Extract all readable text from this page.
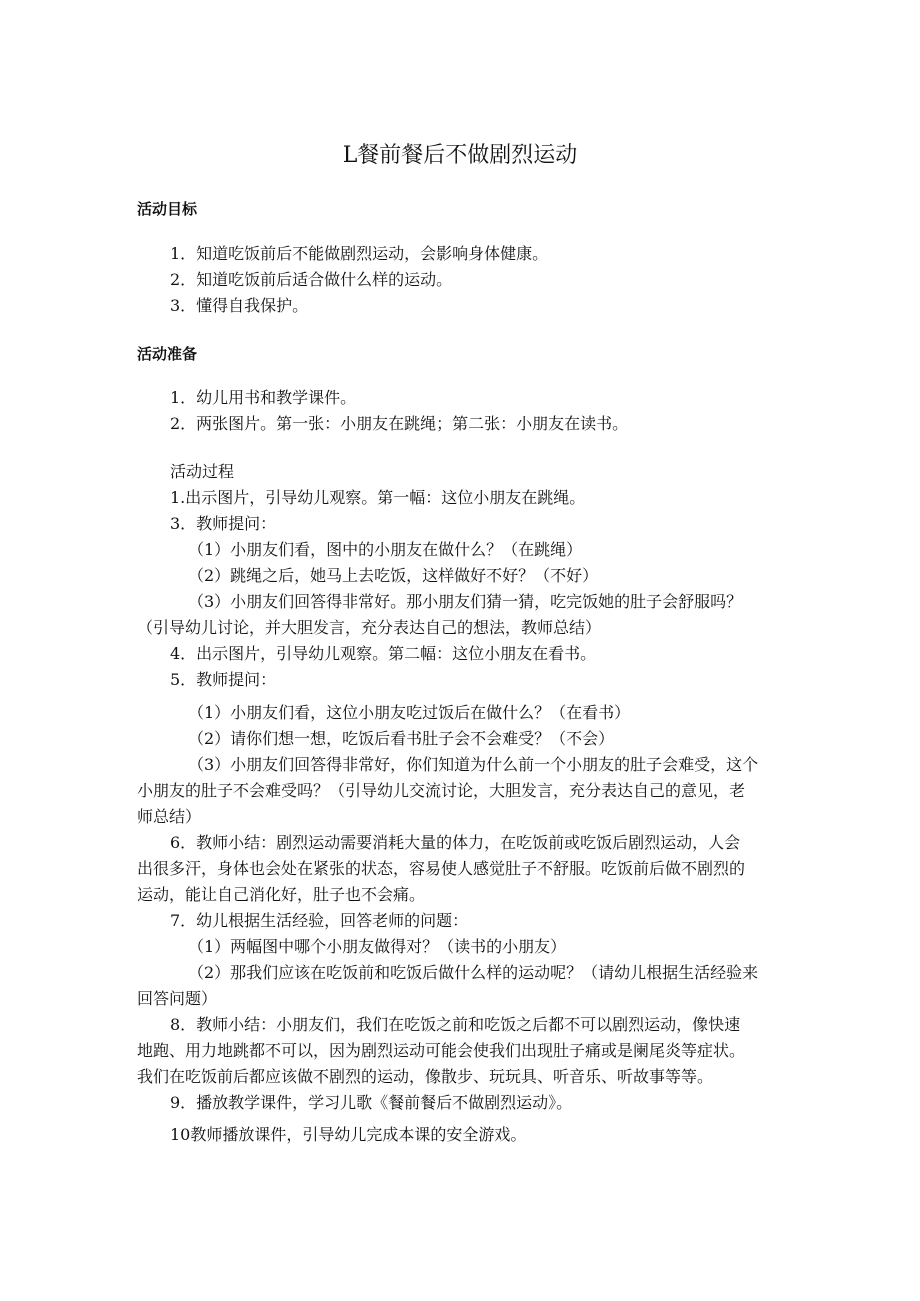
L餐前餐后不做剧烈运动
活动目标
1．知道吃饭前后不能做剧烈运动，会影响身体健康。
2．知道吃饭前后适合做什么样的运动。
3．懂得自我保护。
活动准备
1．幼儿用书和教学课件。
2．两张图片。第一张：小朋友在跳绳；第二张：小朋友在读书。
活动过程
1.出示图片，引导幼儿观察。第一幅：这位小朋友在跳绳。
3．教师提问：
（1）小朋友们看，图中的小朋友在做什么？（在跳绳）
（2）跳绳之后，她马上去吃饭，这样做好不好？（不好）
（3）小朋友们回答得非常好。那小朋友们猜一猜，吃完饭她的肚子会舒服吗？
（引导幼儿讨论，并大胆发言，充分表达自己的想法，教师总结）
4．出示图片，引导幼儿观察。第二幅：这位小朋友在看书。
5．教师提问：
（1）小朋友们看，这位小朋友吃过饭后在做什么？（在看书）
（2）请你们想一想，吃饭后看书肚子会不会难受？（不会）
（3）小朋友们回答得非常好，你们知道为什么前一个小朋友的肚子会难受，这个
小朋友的肚子不会难受吗？（引导幼儿交流讨论，大胆发言，充分表达自己的意见，老
师总结）
6．教师小结：剧烈运动需要消耗大量的体力，在吃饭前或吃饭后剧烈运动，人会
出很多汗，身体也会处在紧张的状态，容易使人感觉肚子不舒服。吃饭前后做不剧烈的
运动，能让自己消化好，肚子也不会痛。
7．幼儿根据生活经验，回答老师的问题：
（1）两幅图中哪个小朋友做得对？（读书的小朋友）
（2）那我们应该在吃饭前和吃饭后做什么样的运动呢？（请幼儿根据生活经验来
回答问题）
8．教师小结：小朋友们，我们在吃饭之前和吃饭之后都不可以剧烈运动，像快速
地跑、用力地跳都不可以，因为剧烈运动可能会使我们出现肚子痛或是阑尾炎等症状。
我们在吃饭前后都应该做不剧烈的运动，像散步、玩玩具、听音乐、听故事等等。
9．播放教学课件，学习儿歌《餐前餐后不做剧烈运动》。
10教师播放课件，引导幼儿完成本课的安全游戏。
